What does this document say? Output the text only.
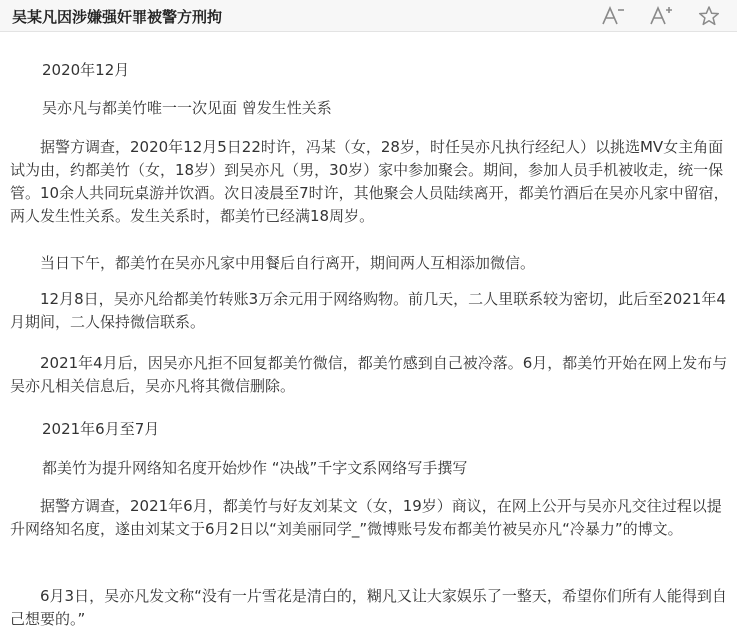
吴某凡因涉嫌强奸罪被警方刑拘

2020年12月

吴亦凡与都美竹唯一一次见面 曾发生性关系

据警方调查，2020年12月5日22时许，冯某（女，28岁，时任吴亦凡执行经纪人）以挑选MV女主角面试为由，约都美竹（女，18岁）到吴亦凡（男，30岁）家中参加聚会。期间，参加人员手机被收走，统一保管。10余人共同玩桌游并饮酒。次日凌晨至7时许，其他聚会人员陆续离开，都美竹酒后在吴亦凡家中留宿，两人发生性关系。发生关系时，都美竹已经满18周岁。

当日下午，都美竹在吴亦凡家中用餐后自行离开，期间两人互相添加微信。

12月8日，吴亦凡给都美竹转账3万余元用于网络购物。前几天，二人里联系较为密切，此后至2021年4月期间，二人保持微信联系。

2021年4月后，因吴亦凡拒不回复都美竹微信，都美竹感到自己被冷落。6月，都美竹开始在网上发布与吴亦凡相关信息后，吴亦凡将其微信删除。

2021年6月至7月

都美竹为提升网络知名度开始炒作 “决战”千字文系网络写手撰写

据警方调查，2021年6月，都美竹与好友刘某文（女，19岁）商议，在网上公开与吴亦凡交往过程以提升网络知名度，遂由刘某文于6月2日以“刘美丽同学_”微博账号发布都美竹被吴亦凡“冷暴力”的博文。

6月3日，吴亦凡发文称“没有一片雪花是清白的，糊凡又让大家娱乐了一整天，希望你们所有人能得到自己想要的。”
